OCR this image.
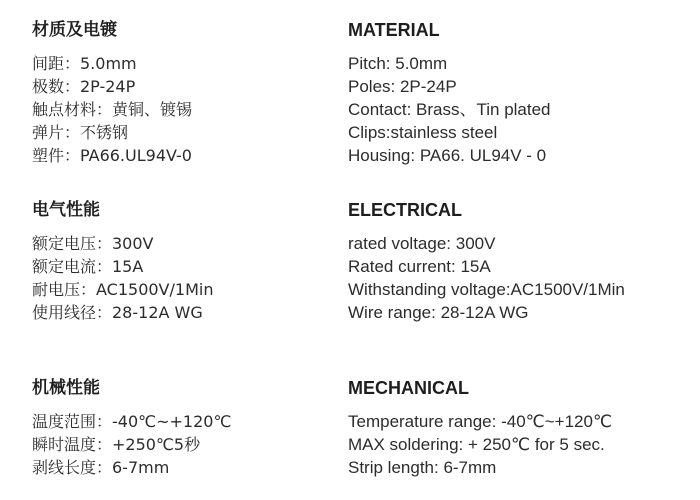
材质及电镀
间距：5.0mm
极数：2P-24P
触点材料：黄铜、镀锡
弹片：不锈钢
塑件：PA66.UL94V-0
电气性能
额定电压：300V
额定电流：15A
耐电压：AC1500V/1Min
使用线径：28-12A WG
机械性能
温度范围：-40℃~+120℃
瞬时温度：+250℃5秒
剥线长度：6-7mm
MATERIAL
Pitch: 5.0mm
Poles: 2P-24P
Contact: Brass、Tin plated
Clips:stainless steel
Housing: PA66. UL94V - 0
ELECTRICAL
rated voltage: 300V
Rated current: 15A
Withstanding voltage:AC1500V/1Min
Wire range: 28-12A WG
MECHANICAL
Temperature range: -40℃~+120℃
MAX soldering: + 250℃ for 5 sec.
Strip length: 6-7mm
